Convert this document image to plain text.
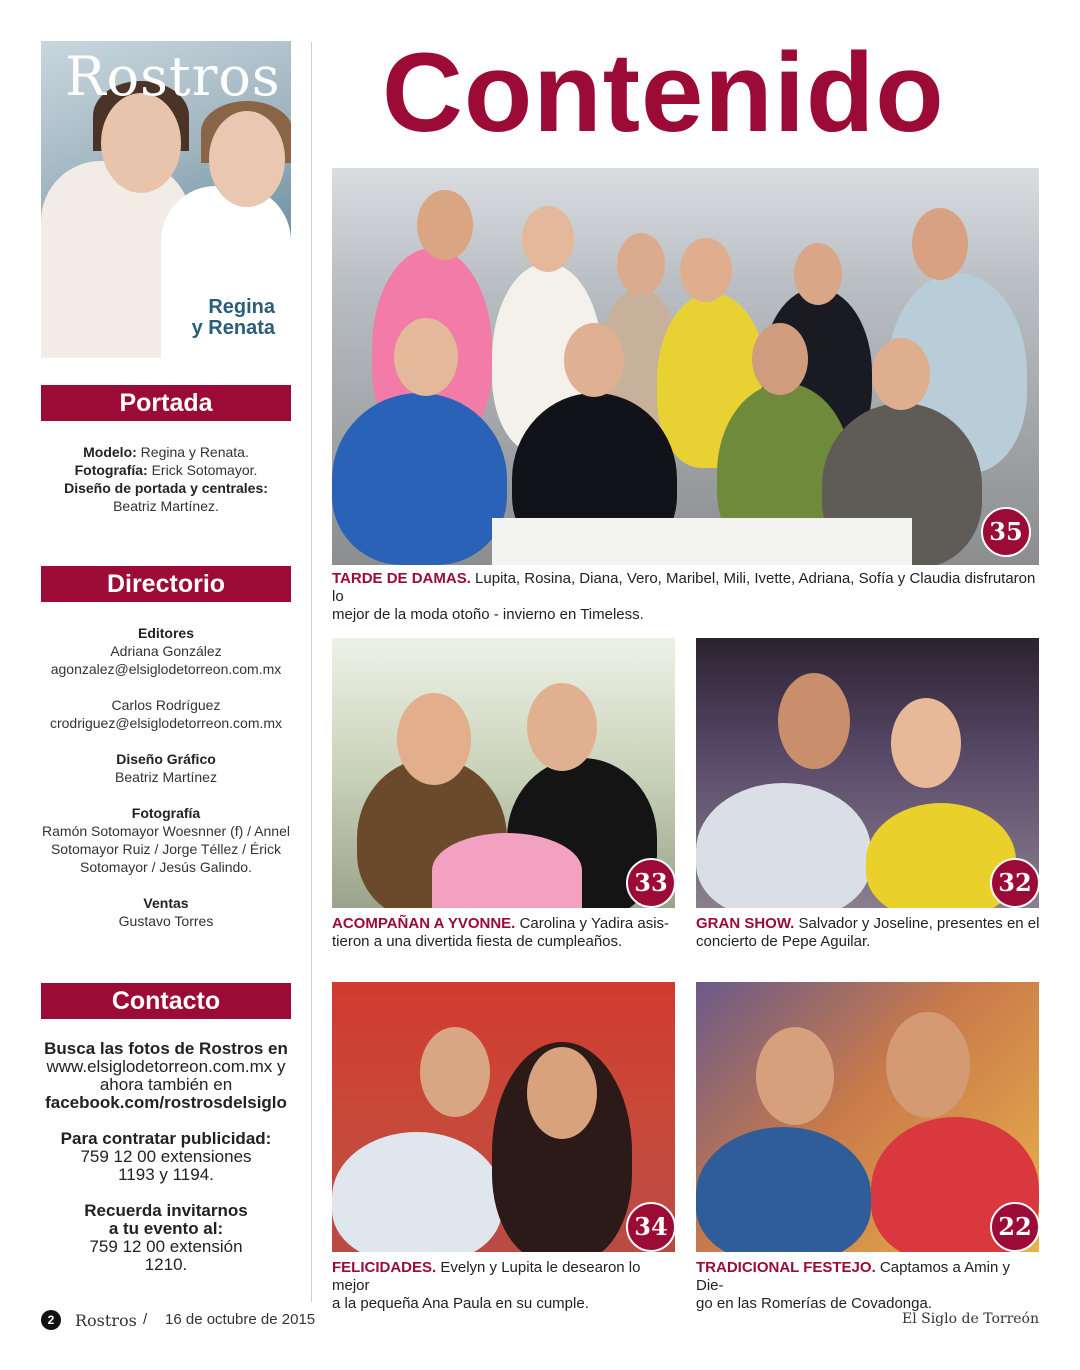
Rostros
Regina
y Renata
Portada
Modelo: Regina y Renata.
Fotografía: Erick Sotomayor.
Diseño de portada y centrales:
Beatriz Martínez.
Directorio
Editores
Adriana González
agonzalez@elsiglodetorreon.com.mx
Carlos Rodríguez
crodriguez@elsiglodetorreon.com.mx
Diseño Gráfico
Beatriz Martínez
Fotografía
Ramón Sotomayor Woesnner (f) / Annel
Sotomayor Ruiz / Jorge Téllez / Érick
Sotomayor / Jesús Galindo.
Ventas
Gustavo Torres
Contacto
Busca las fotos de Rostros en
www.elsiglodetorreon.com.mx y
ahora también en
facebook.com/rostrosdelsiglo
Para contratar publicidad:
759 12 00 extensiones
1193 y 1194.
Recuerda invitarnos
a tu evento al:
759 12 00 extensión
1210.
Contenido
35
TARDE DE DAMAS. Lupita, Rosina, Diana, Vero, Maribel, Mili, Ivette, Adriana, Sofía y Claudia disfrutaron lo
mejor de la moda otoño - invierno en Timeless.
33
ACOMPAÑAN A YVONNE. Carolina y Yadira asis-
tieron a una divertida fiesta de cumpleaños.
32
GRAN SHOW. Salvador y Joseline, presentes en el
concierto de Pepe Aguilar.
34
FELICIDADES. Evelyn y Lupita le desearon lo mejor
a la pequeña Ana Paula en su cumple.
22
TRADICIONAL FESTEJO. Captamos a Amin y Die-
go en las Romerías de Covadonga.
2	Rostros / 16 de octubre de 2015	El Siglo de Torreón
